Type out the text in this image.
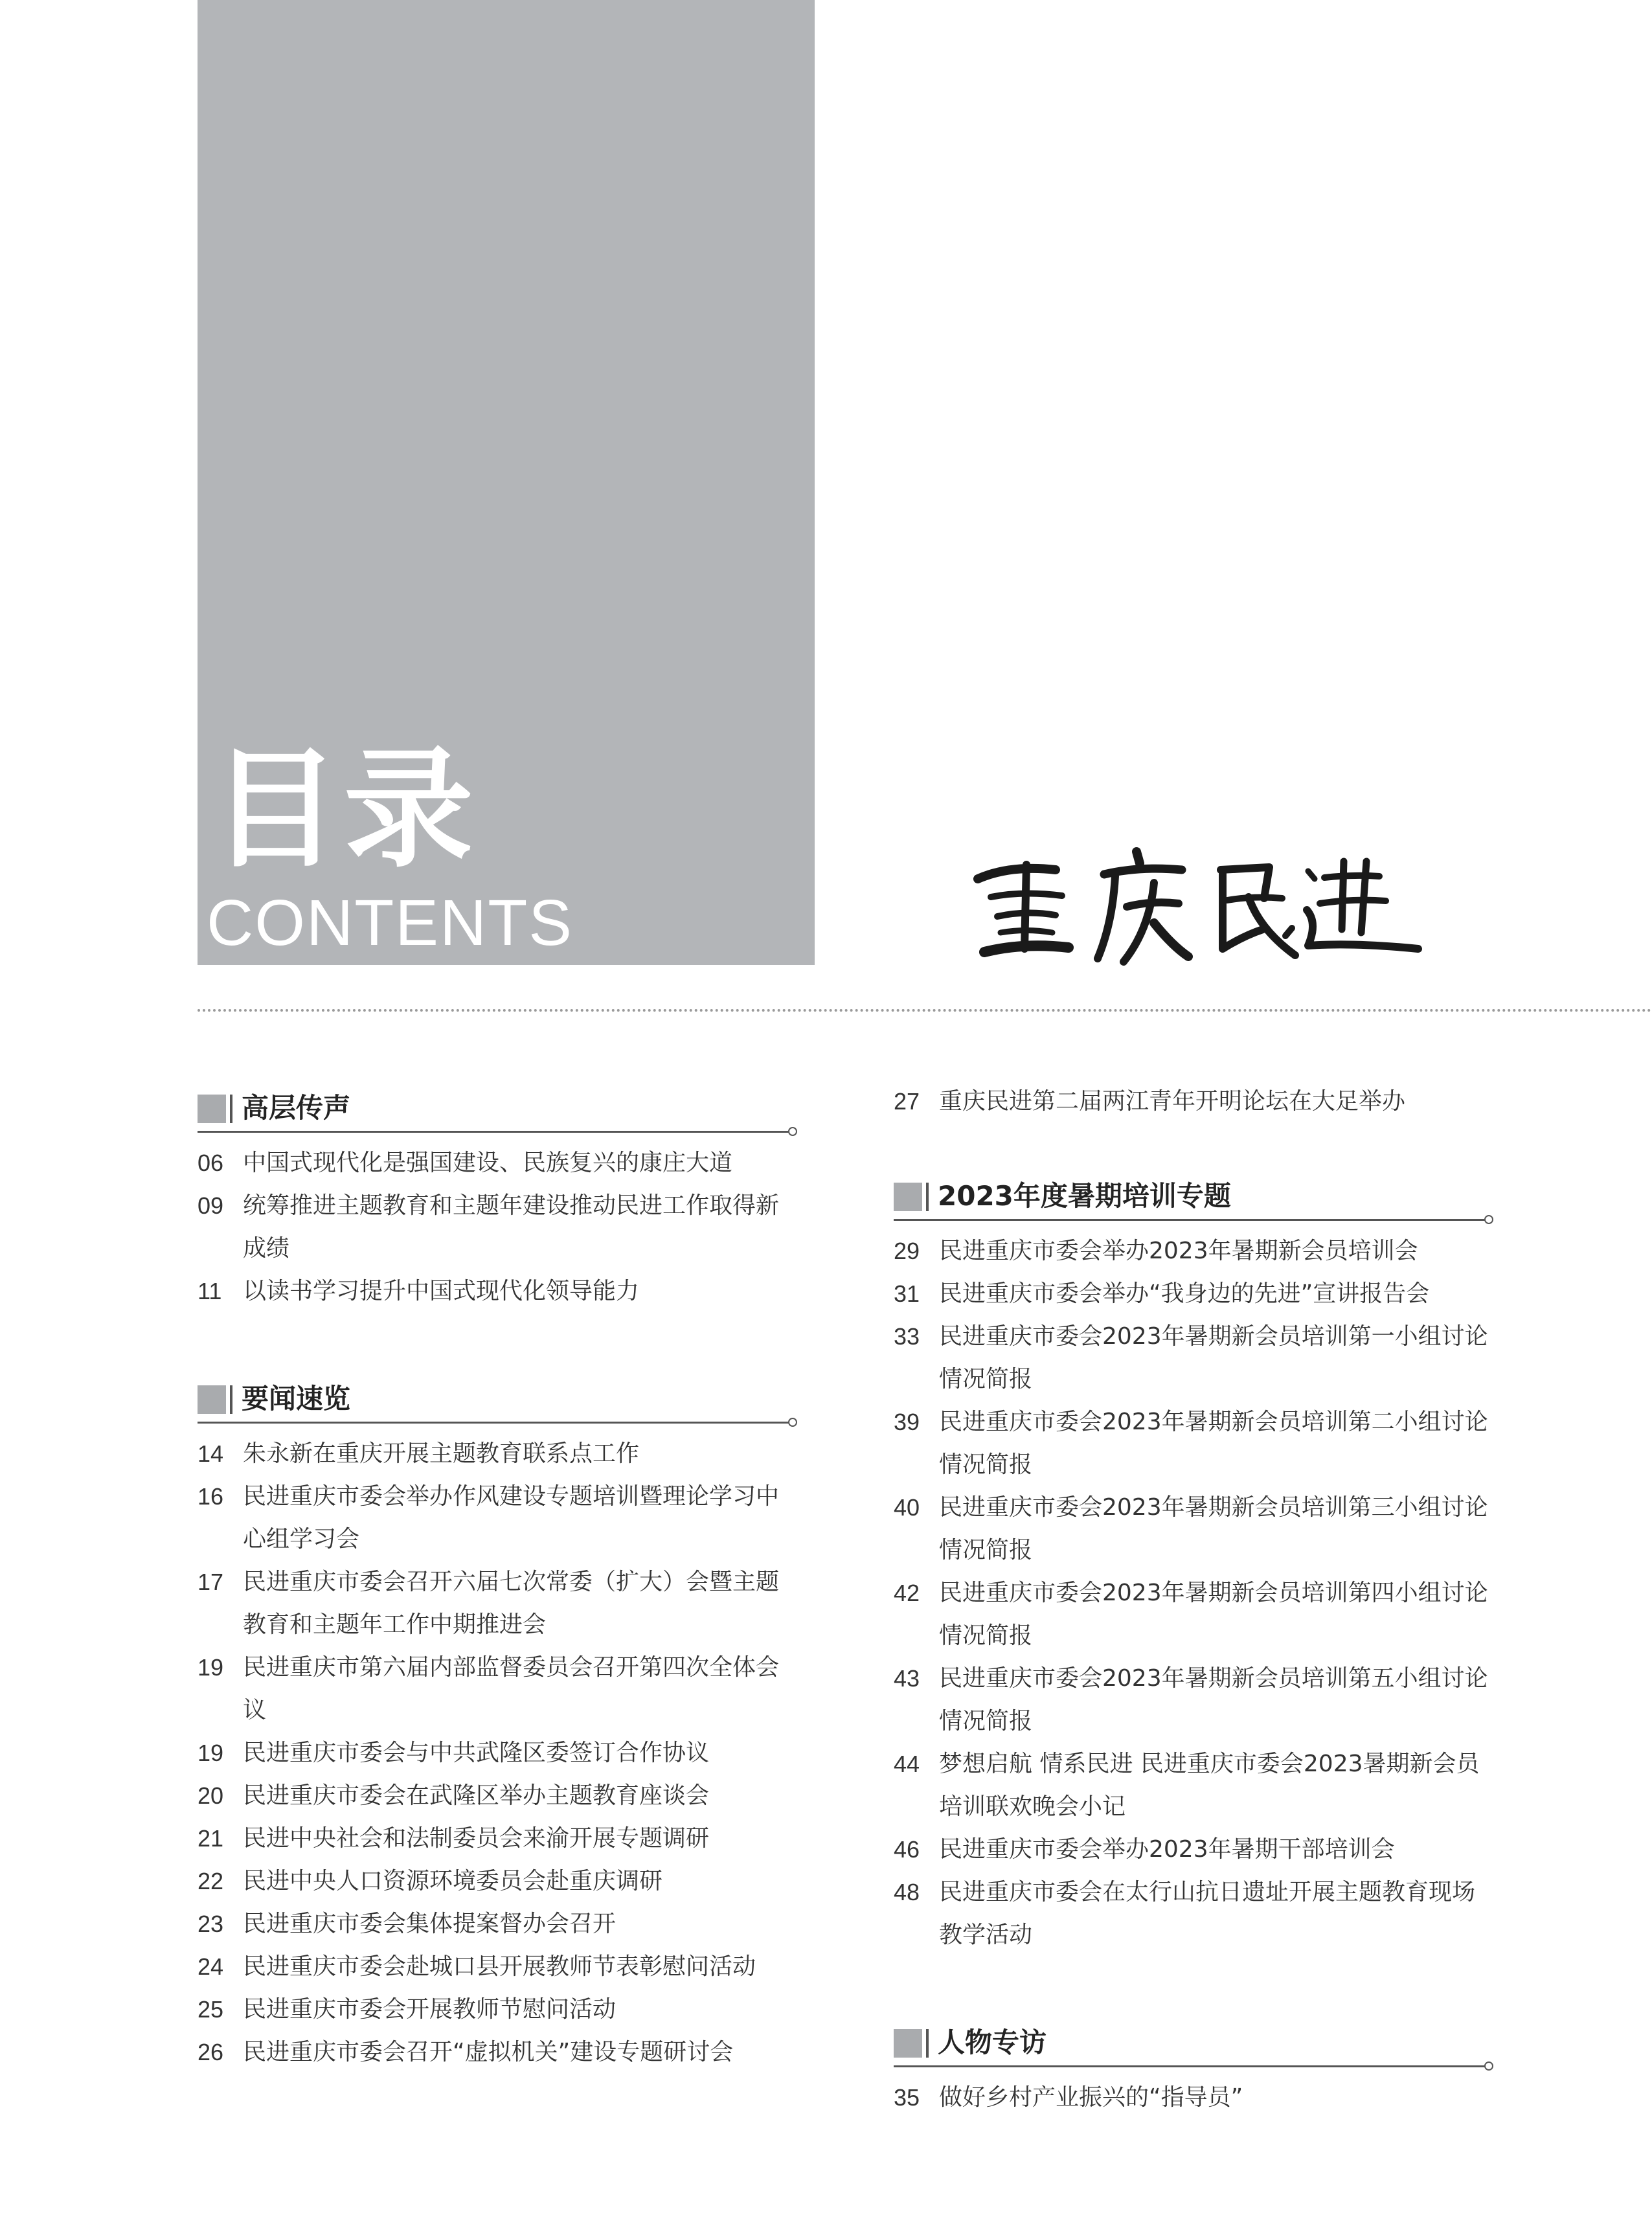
目录
CONTENTS
高层传声
06 中国式现代化是强国建设、民族复兴的康庄大道
09 统筹推进主题教育和主题年建设推动民进工作取得新成绩
11 以读书学习提升中国式现代化领导能力
要闻速览
14 朱永新在重庆开展主题教育联系点工作
16 民进重庆市委会举办作风建设专题培训暨理论学习中心组学习会
17 民进重庆市委会召开六届七次常委（扩大）会暨主题教育和主题年工作中期推进会
19 民进重庆市第六届内部监督委员会召开第四次全体会议
19 民进重庆市委会与中共武隆区委签订合作协议
20 民进重庆市委会在武隆区举办主题教育座谈会
21 民进中央社会和法制委员会来渝开展专题调研
22 民进中央人口资源环境委员会赴重庆调研
23 民进重庆市委会集体提案督办会召开
24 民进重庆市委会赴城口县开展教师节表彰慰问活动
25 民进重庆市委会开展教师节慰问活动
26 民进重庆市委会召开“虚拟机关”建设专题研讨会
27 重庆民进第二届两江青年开明论坛在大足举办
2023年度暑期培训专题
29 民进重庆市委会举办2023年暑期新会员培训会
31 民进重庆市委会举办“我身边的先进”宣讲报告会
33 民进重庆市委会2023年暑期新会员培训第一小组讨论情况简报
39 民进重庆市委会2023年暑期新会员培训第二小组讨论情况简报
40 民进重庆市委会2023年暑期新会员培训第三小组讨论情况简报
42 民进重庆市委会2023年暑期新会员培训第四小组讨论情况简报
43 民进重庆市委会2023年暑期新会员培训第五小组讨论情况简报
44 梦想启航 情系民进 民进重庆市委会2023暑期新会员培训联欢晚会小记
46 民进重庆市委会举办2023年暑期干部培训会
48 民进重庆市委会在太行山抗日遗址开展主题教育现场教学活动
人物专访
35 做好乡村产业振兴的“指导员”
